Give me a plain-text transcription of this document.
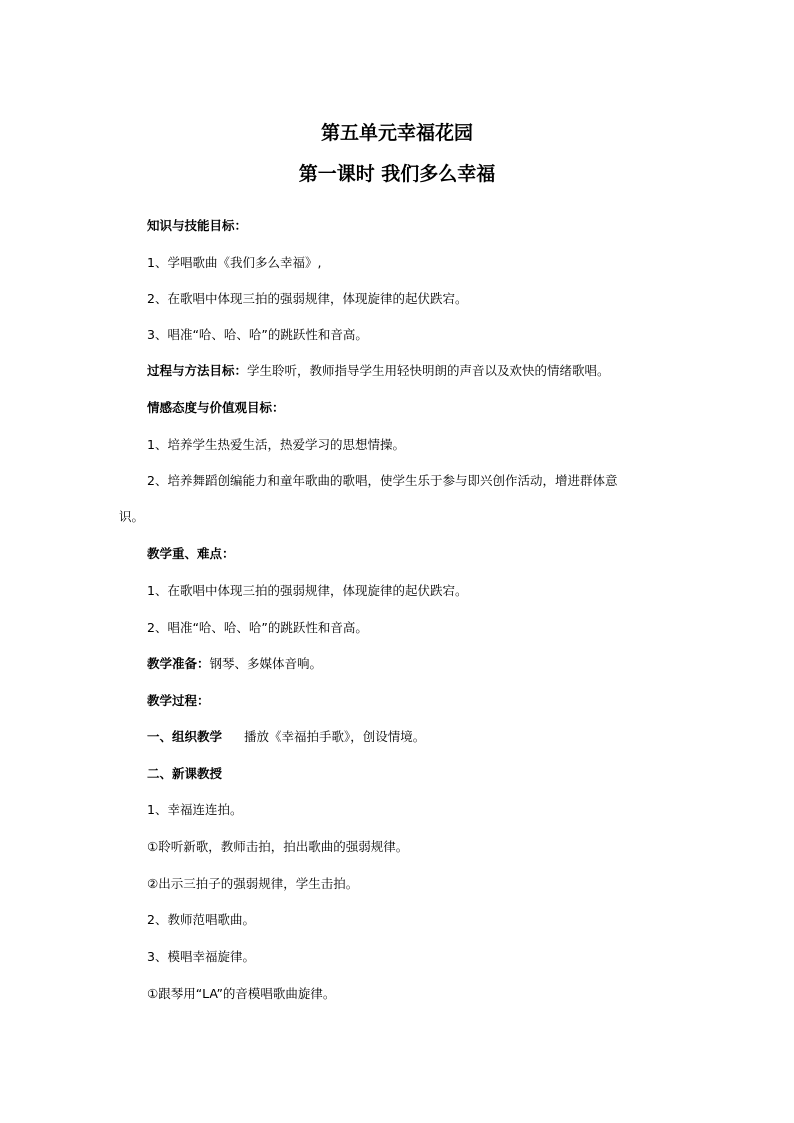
第五单元幸福花园
第一课时 我们多么幸福
知识与技能目标：
1、学唱歌曲《我们多么幸福》,
2、在歌唱中体现三拍的强弱规律，体现旋律的起伏跌宕。
3、唱准“哈、哈、哈”的跳跃性和音高。
过程与方法目标：学生聆听，教师指导学生用轻快明朗的声音以及欢快的情绪歌唱。
情感态度与价值观目标：
1、培养学生热爱生活，热爱学习的思想情操。
2、培养舞蹈创编能力和童年歌曲的歌唱，使学生乐于参与即兴创作活动，增进群体意
识。
教学重、难点：
1、在歌唱中体现三拍的强弱规律，体现旋律的起伏跌宕。
2、唱准“哈、哈、哈”的跳跃性和音高。
教学准备：钢琴、多媒体音响。
教学过程：
一、组织教学 播放《幸福拍手歌》，创设情境。
二、新课教授
1、幸福连连拍。
①聆听新歌，教师击拍，拍出歌曲的强弱规律。
②出示三拍子的强弱规律，学生击拍。
2、教师范唱歌曲。
3、模唱幸福旋律。
①跟琴用“LA”的音模唱歌曲旋律。
